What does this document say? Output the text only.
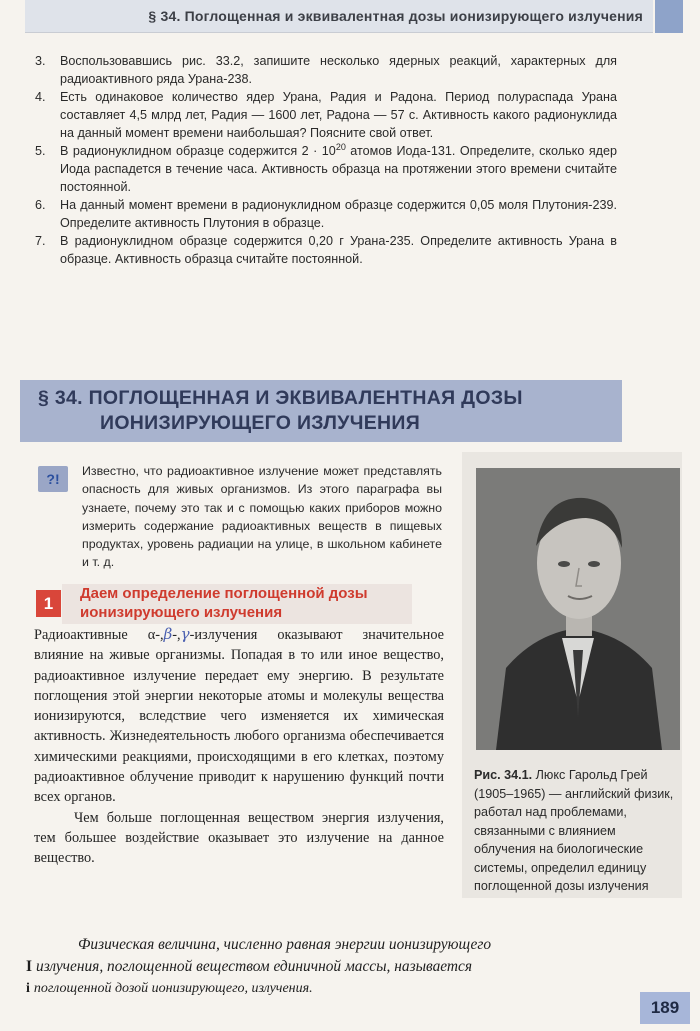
§ 34. Поглощенная и эквивалентная дозы ионизирующего излучения
3. Воспользовавшись рис. 33.2, запишите несколько ядерных реакций, характерных для радиоактивного ряда Урана-238.
4. Есть одинаковое количество ядер Урана, Радия и Радона. Период полураспада Урана составляет 4,5 млрд лет, Радия — 1600 лет, Радона — 57 с. Активность какого радионуклида на данный момент времени наибольшая? Поясните свой ответ.
5. В радионуклидном образце содержится $2 \cdot 10^{20}$ атомов Иода-131. Определите, сколько ядер Иода распадется в течение часа. Активность образца на протяжении этого времени считайте постоянной.
6. На данный момент времени в радионуклидном образце содержится 0,05 моля Плутония-239. Определите активность Плутония в образце.
7. В радионуклидном образце содержится 0,20 г Урана-235. Определите активность Урана в образце. Активность образца считайте постоянной.
§ 34. ПОГЛОЩЕННАЯ И ЭКВИВАЛЕНТНАЯ ДОЗЫ
ИОНИЗИРУЮЩЕГО ИЗЛУЧЕНИЯ
?!	Известно, что радиоактивное излучение может представлять опасность для живых организмов. Из этого параграфа вы узнаете, почему это так и с помощью каких приборов можно измерить содержание радиоактивных веществ в пищевых продуктах, уровень радиации на улице, в школьном кабинете и т. д.

Рис. 34.1. Люкс Гарольд Грей (1905–1965) — английский физик, работал над проблемами, связанными с влиянием облучения на биологические системы, определил единицу поглощенной дозы излучения
1	Даем определение поглощенной дозы ионизирующего излучения

Радиоактивные α-,β-,γ-излучения оказывают значительное влияние на живые организмы. Попадая в то или иное вещество, радиоактивное излучение передает ему энергию. В результате поглощения этой энергии некоторые атомы и молекулы вещества ионизируются, вследствие чего изменяется их химическая активность. Жизнедеятельность любого организма обеспечивается химическими реакциями, происходящими в его клетках, поэтому радиоактивное облучение приводит к нарушению функций почти всех органов.

Чем больше поглощенная веществом энергия излучения, тем большее воздействие оказывает это излучение на данное вещество.

Физическая величина, численно равная энергии ионизирующего
I излучения, поглощенной веществом единичной массы, называется
i поглощенной дозой ионизирующего, излучения.
189
